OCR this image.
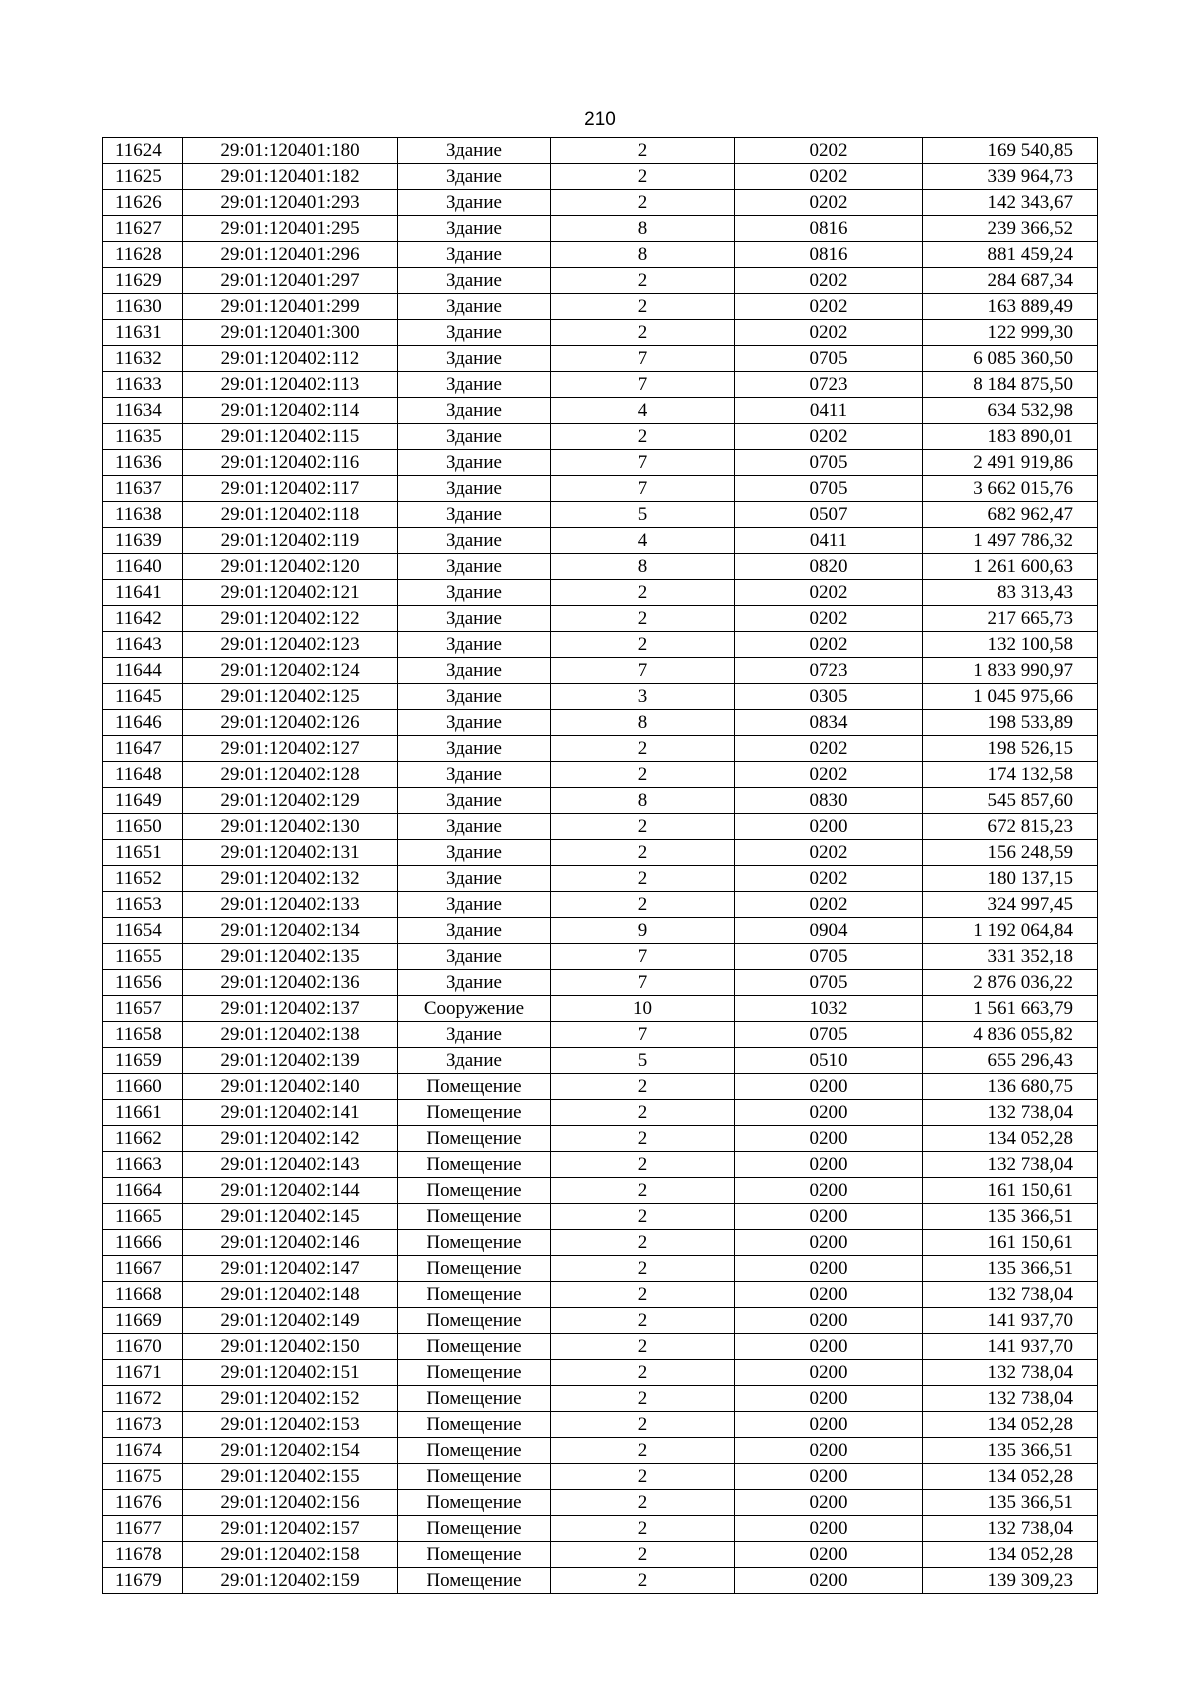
210
11624	29:01:120401:180	Здание	2	0202	169 540,85
11625	29:01:120401:182	Здание	2	0202	339 964,73
11626	29:01:120401:293	Здание	2	0202	142 343,67
11627	29:01:120401:295	Здание	8	0816	239 366,52
11628	29:01:120401:296	Здание	8	0816	881 459,24
11629	29:01:120401:297	Здание	2	0202	284 687,34
11630	29:01:120401:299	Здание	2	0202	163 889,49
11631	29:01:120401:300	Здание	2	0202	122 999,30
11632	29:01:120402:112	Здание	7	0705	6 085 360,50
11633	29:01:120402:113	Здание	7	0723	8 184 875,50
11634	29:01:120402:114	Здание	4	0411	634 532,98
11635	29:01:120402:115	Здание	2	0202	183 890,01
11636	29:01:120402:116	Здание	7	0705	2 491 919,86
11637	29:01:120402:117	Здание	7	0705	3 662 015,76
11638	29:01:120402:118	Здание	5	0507	682 962,47
11639	29:01:120402:119	Здание	4	0411	1 497 786,32
11640	29:01:120402:120	Здание	8	0820	1 261 600,63
11641	29:01:120402:121	Здание	2	0202	83 313,43
11642	29:01:120402:122	Здание	2	0202	217 665,73
11643	29:01:120402:123	Здание	2	0202	132 100,58
11644	29:01:120402:124	Здание	7	0723	1 833 990,97
11645	29:01:120402:125	Здание	3	0305	1 045 975,66
11646	29:01:120402:126	Здание	8	0834	198 533,89
11647	29:01:120402:127	Здание	2	0202	198 526,15
11648	29:01:120402:128	Здание	2	0202	174 132,58
11649	29:01:120402:129	Здание	8	0830	545 857,60
11650	29:01:120402:130	Здание	2	0200	672 815,23
11651	29:01:120402:131	Здание	2	0202	156 248,59
11652	29:01:120402:132	Здание	2	0202	180 137,15
11653	29:01:120402:133	Здание	2	0202	324 997,45
11654	29:01:120402:134	Здание	9	0904	1 192 064,84
11655	29:01:120402:135	Здание	7	0705	331 352,18
11656	29:01:120402:136	Здание	7	0705	2 876 036,22
11657	29:01:120402:137	Сооружение	10	1032	1 561 663,79
11658	29:01:120402:138	Здание	7	0705	4 836 055,82
11659	29:01:120402:139	Здание	5	0510	655 296,43
11660	29:01:120402:140	Помещение	2	0200	136 680,75
11661	29:01:120402:141	Помещение	2	0200	132 738,04
11662	29:01:120402:142	Помещение	2	0200	134 052,28
11663	29:01:120402:143	Помещение	2	0200	132 738,04
11664	29:01:120402:144	Помещение	2	0200	161 150,61
11665	29:01:120402:145	Помещение	2	0200	135 366,51
11666	29:01:120402:146	Помещение	2	0200	161 150,61
11667	29:01:120402:147	Помещение	2	0200	135 366,51
11668	29:01:120402:148	Помещение	2	0200	132 738,04
11669	29:01:120402:149	Помещение	2	0200	141 937,70
11670	29:01:120402:150	Помещение	2	0200	141 937,70
11671	29:01:120402:151	Помещение	2	0200	132 738,04
11672	29:01:120402:152	Помещение	2	0200	132 738,04
11673	29:01:120402:153	Помещение	2	0200	134 052,28
11674	29:01:120402:154	Помещение	2	0200	135 366,51
11675	29:01:120402:155	Помещение	2	0200	134 052,28
11676	29:01:120402:156	Помещение	2	0200	135 366,51
11677	29:01:120402:157	Помещение	2	0200	132 738,04
11678	29:01:120402:158	Помещение	2	0200	134 052,28
11679	29:01:120402:159	Помещение	2	0200	139 309,23
